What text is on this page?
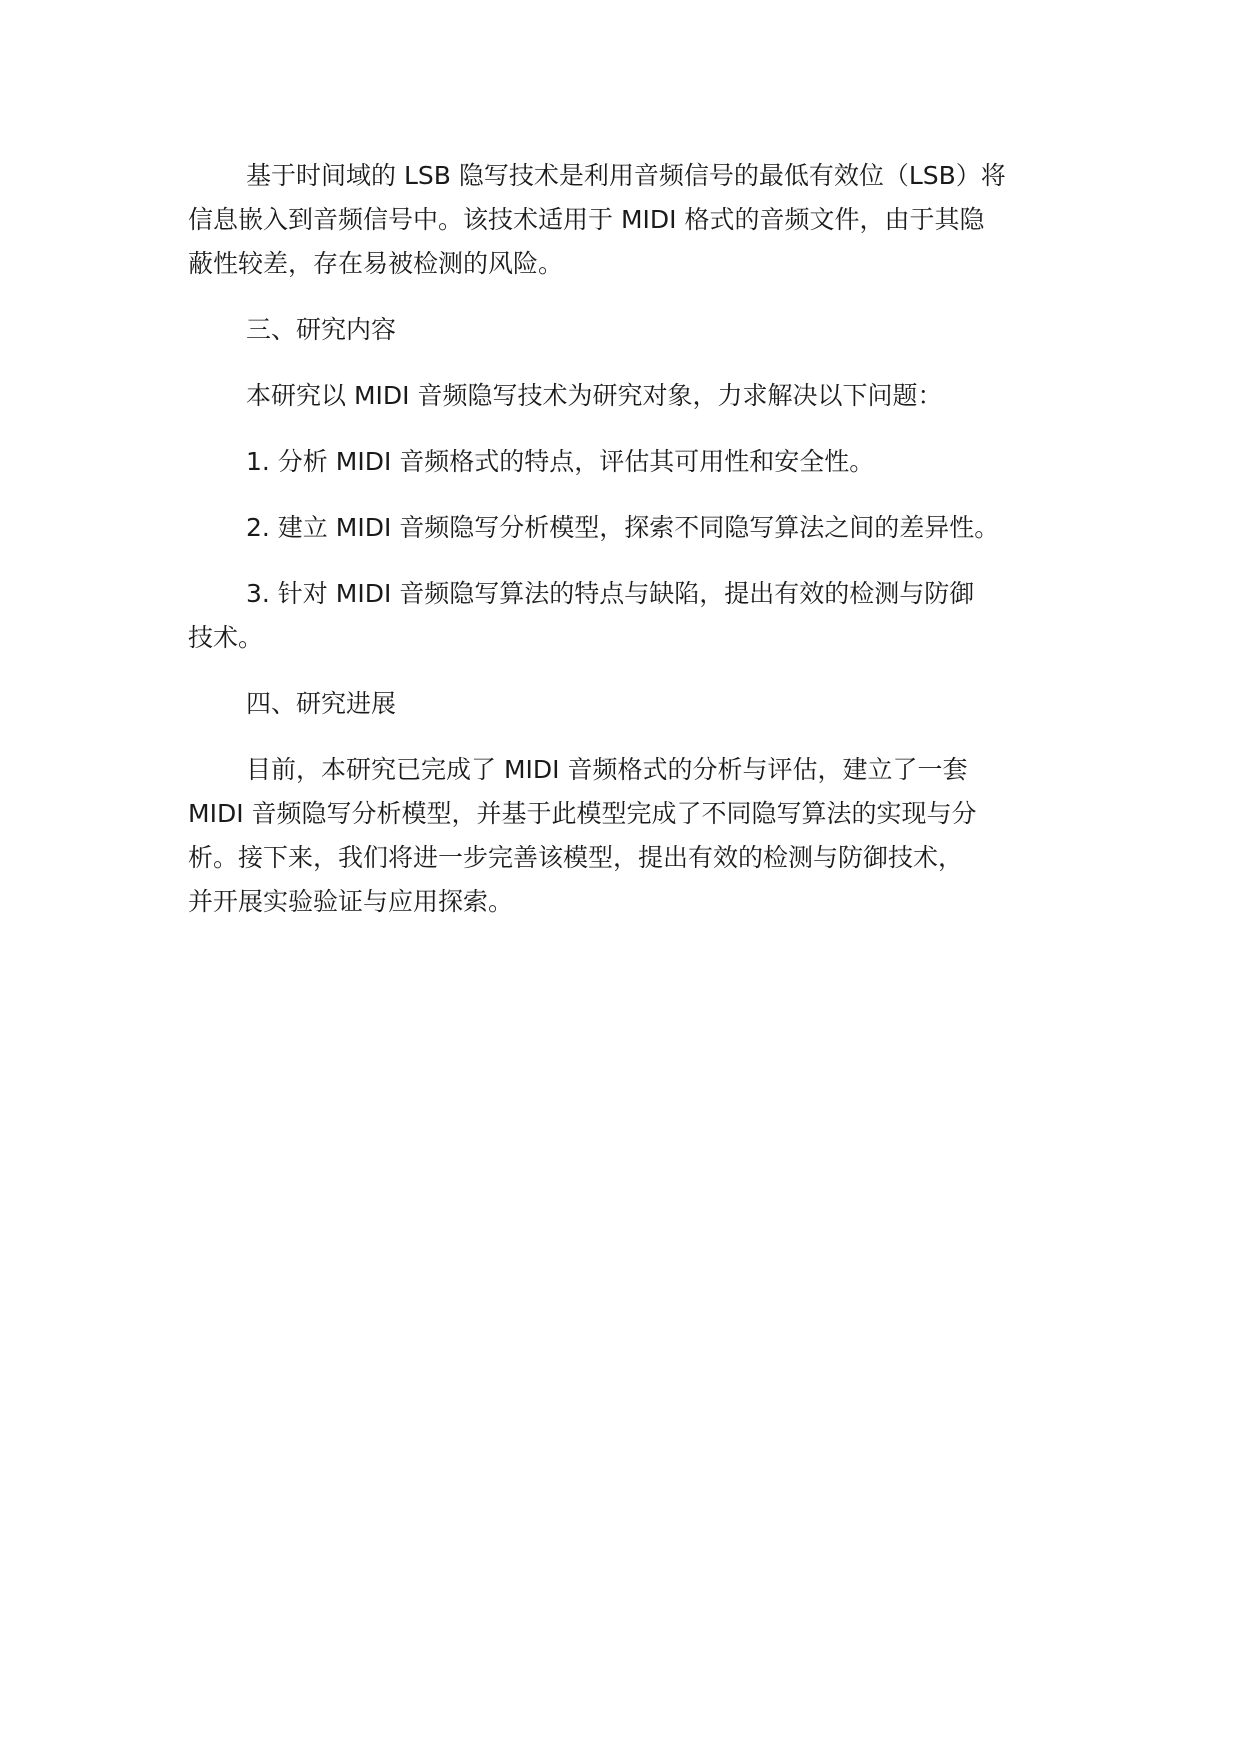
基于时间域的 LSB 隐写技术是利用音频信号的最低有效位（LSB）将
信息嵌入到音频信号中。该技术适用于 MIDI 格式的音频文件，由于其隐
蔽性较差，存在易被检测的风险。
三、研究内容
本研究以 MIDI 音频隐写技术为研究对象，力求解决以下问题：
1. 分析 MIDI 音频格式的特点，评估其可用性和安全性。
2. 建立 MIDI 音频隐写分析模型，探索不同隐写算法之间的差异性。
3. 针对 MIDI 音频隐写算法的特点与缺陷，提出有效的检测与防御
技术。
四、研究进展
目前，本研究已完成了 MIDI 音频格式的分析与评估，建立了一套
MIDI 音频隐写分析模型，并基于此模型完成了不同隐写算法的实现与分
析。接下来，我们将进一步完善该模型，提出有效的检测与防御技术，
并开展实验验证与应用探索。
